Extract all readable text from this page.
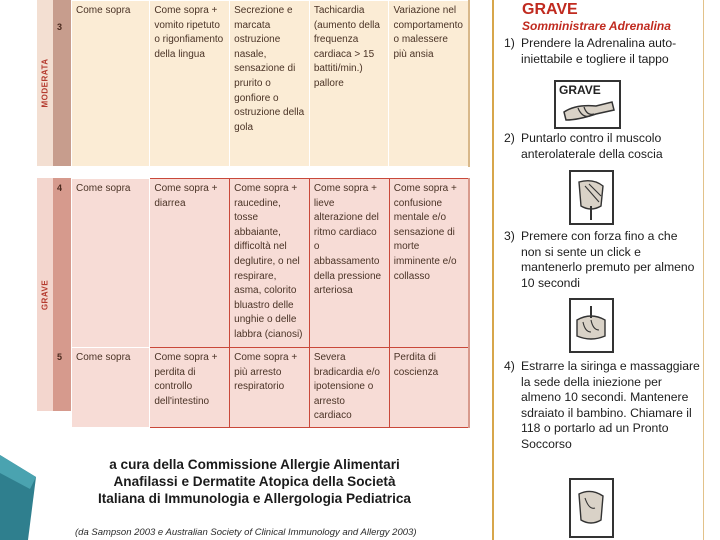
MODERATA
3
Come sopra	Come sopra + vomito ripetuto o rigonfiamento della lingua	Secrezione e marcata ostruzione nasale, sensazione di prurito o gonfiore o ostruzione della gola	Tachicardia (aumento della frequenza cardiaca > 15 battiti/min.) pallore	Variazione nel comportamento o malessere più ansia
GRAVE
4
5
Come sopra	Come sopra + diarrea	Come sopra + raucedine, tosse abbaiante, difficoltà nel deglutire, o nel respirare, asma, colorito bluastro delle unghie o delle labbra (cianosi)	Come sopra + lieve alterazione del ritmo cardiaco o abbassamento della pressione arteriosa	Come sopra + confusione mentale e/o sensazione di morte imminente e/o collasso
Come sopra	Come sopra + perdita di controllo dell'intestino	Come sopra + più arresto respiratorio	Severa bradicardia e/o ipotensione o arresto cardiaco	Perdita di coscienza
a cura della Commissione Allergie Alimentari
Anafilassi e Dermatite Atopica della Società
Italiana di Immunologia e Allergologia Pediatrica
(da Sampson 2003 e Australian Society of Clinical Immunology and Allergy 2003)
GRAVE
Somministrare Adrenalina
1) Prendere la Adrenalina auto-iniettabile e togliere il tappo
GRAVE
2) Puntarlo contro il muscolo anterolaterale della coscia
3) Premere con forza fino a che non si sente un click e mantenerlo premuto per almeno 10 secondi
4) Estrarre la siringa e massaggiare la sede della iniezione per almeno 10 secondi. Mantenere sdraiato il bambino. Chiamare il 118 o portarlo ad un Pronto Soccorso
